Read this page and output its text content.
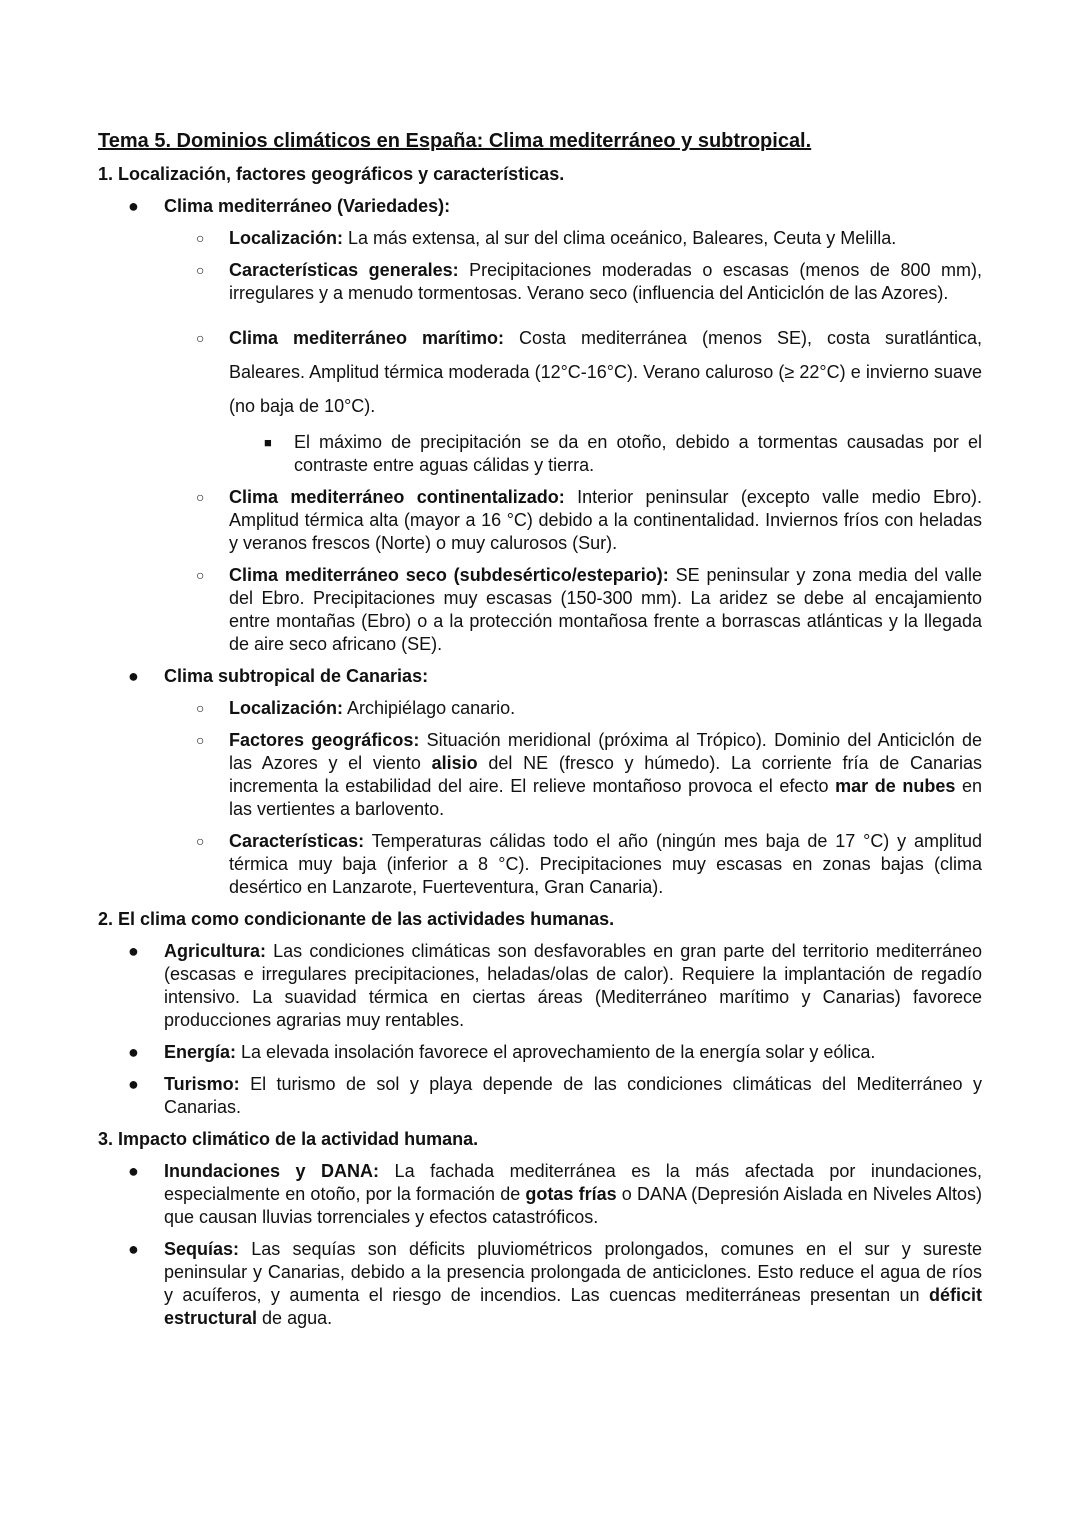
Tema 5. Dominios climáticos en España: Clima mediterráneo y subtropical.
1. Localización, factores geográficos y características.
● Clima mediterráneo (Variedades):
○ Localización: La más extensa, al sur del clima oceánico, Baleares, Ceuta y Melilla.
○ Características generales: Precipitaciones moderadas o escasas (menos de 800 mm), irregulares y a menudo tormentosas. Verano seco (influencia del Anticiclón de las Azores).
○ Clima mediterráneo marítimo: Costa mediterránea (menos SE), costa suratlántica, Baleares. Amplitud térmica moderada (12°C-16°C). Verano caluroso (≥ 22°C) e invierno suave (no baja de 10°C).
■ El máximo de precipitación se da en otoño, debido a tormentas causadas por el contraste entre aguas cálidas y tierra.
○ Clima mediterráneo continentalizado: Interior peninsular (excepto valle medio Ebro). Amplitud térmica alta (mayor a 16 °C) debido a la continentalidad. Inviernos fríos con heladas y veranos frescos (Norte) o muy calurosos (Sur).
○ Clima mediterráneo seco (subdesértico/estepario): SE peninsular y zona media del valle del Ebro. Precipitaciones muy escasas (150-300 mm). La aridez se debe al encajamiento entre montañas (Ebro) o a la protección montañosa frente a borrascas atlánticas y la llegada de aire seco africano (SE).
● Clima subtropical de Canarias:
○ Localización: Archipiélago canario.
○ Factores geográficos: Situación meridional (próxima al Trópico). Dominio del Anticiclón de las Azores y el viento alisio del NE (fresco y húmedo). La corriente fría de Canarias incrementa la estabilidad del aire. El relieve montañoso provoca el efecto mar de nubes en las vertientes a barlovento.
○ Características: Temperaturas cálidas todo el año (ningún mes baja de 17 °C) y amplitud térmica muy baja (inferior a 8 °C). Precipitaciones muy escasas en zonas bajas (clima desértico en Lanzarote, Fuerteventura, Gran Canaria).
2. El clima como condicionante de las actividades humanas.
● Agricultura: Las condiciones climáticas son desfavorables en gran parte del territorio mediterráneo (escasas e irregulares precipitaciones, heladas/olas de calor). Requiere la implantación de regadío intensivo. La suavidad térmica en ciertas áreas (Mediterráneo marítimo y Canarias) favorece producciones agrarias muy rentables.
● Energía: La elevada insolación favorece el aprovechamiento de la energía solar y eólica.
● Turismo: El turismo de sol y playa depende de las condiciones climáticas del Mediterráneo y Canarias.
3. Impacto climático de la actividad humana.
● Inundaciones y DANA: La fachada mediterránea es la más afectada por inundaciones, especialmente en otoño, por la formación de gotas frías o DANA (Depresión Aislada en Niveles Altos) que causan lluvias torrenciales y efectos catastróficos.
● Sequías: Las sequías son déficits pluviométricos prolongados, comunes en el sur y sureste peninsular y Canarias, debido a la presencia prolongada de anticiclones. Esto reduce el agua de ríos y acuíferos, y aumenta el riesgo de incendios. Las cuencas mediterráneas presentan un déficit estructural de agua.
